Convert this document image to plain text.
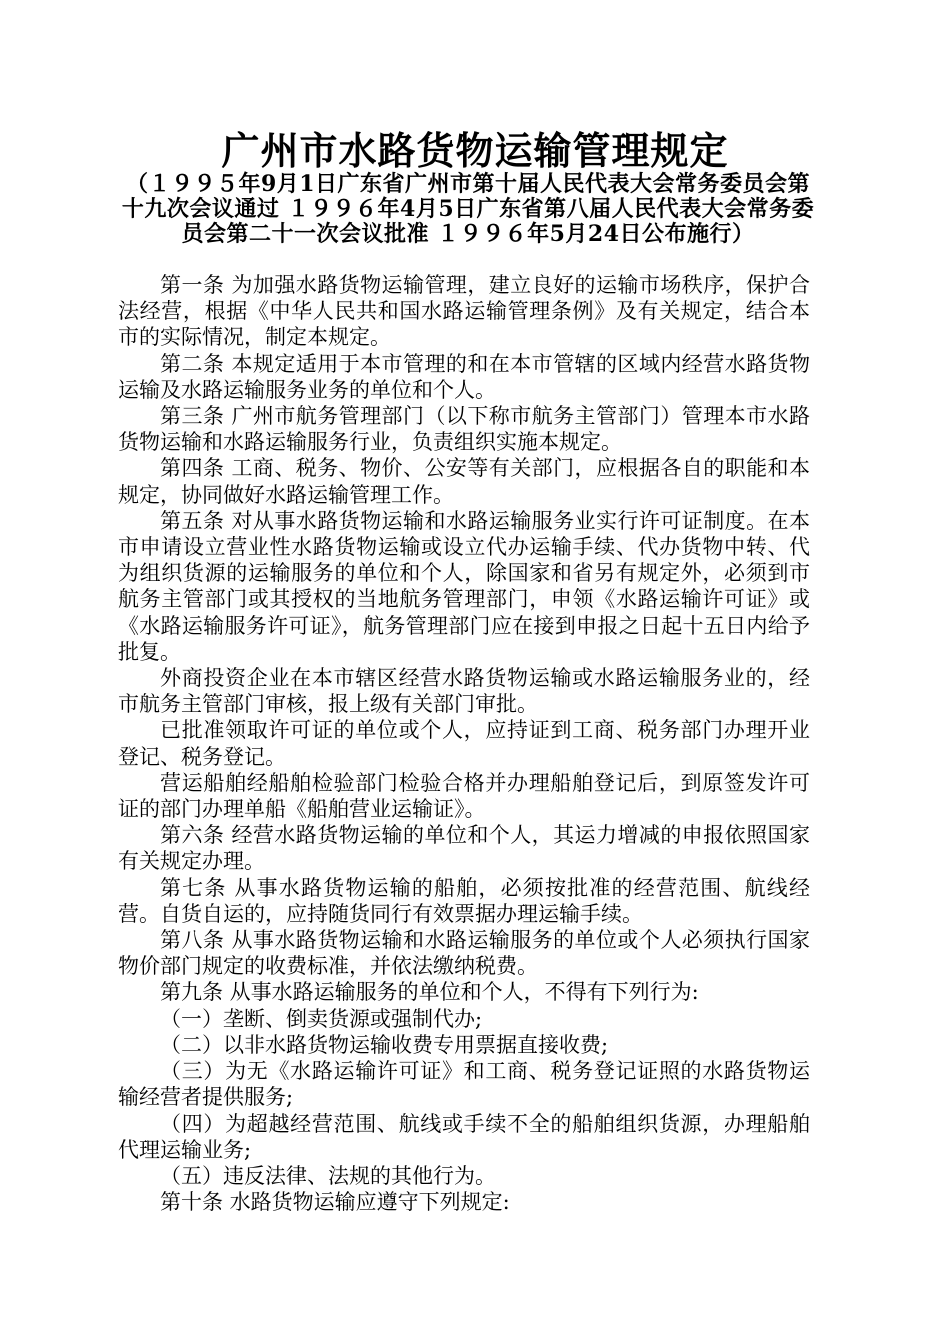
广州市水路货物运输管理规定
（１９９５年9月1日广东省广州市第十届人民代表大会常务委员会第十九次会议通过 １９９６年4月5日广东省第八届人民代表大会常务委员会第二十一次会议批准 １９９６年5月24日公布施行）

第一条 为加强水路货物运输管理，建立良好的运输市场秩序，保护合法经营，根据《中华人民共和国水路运输管理条例》及有关规定，结合本市的实际情况，制定本规定。

第二条 本规定适用于本市管理的和在本市管辖的区域内经营水路货物运输及水路运输服务业务的单位和个人。

第三条 广州市航务管理部门（以下称市航务主管部门）管理本市水路货物运输和水路运输服务行业，负责组织实施本规定。

第四条 工商、税务、物价、公安等有关部门，应根据各自的职能和本规定，协同做好水路运输管理工作。

第五条 对从事水路货物运输和水路运输服务业实行许可证制度。在本市申请设立营业性水路货物运输或设立代办运输手续、代办货物中转、代为组织货源的运输服务的单位和个人，除国家和省另有规定外，必须到市航务主管部门或其授权的当地航务管理部门，申领《水路运输许可证》或《水路运输服务许可证》，航务管理部门应在接到申报之日起十五日内给予批复。

外商投资企业在本市辖区经营水路货物运输或水路运输服务业的，经市航务主管部门审核，报上级有关部门审批。

已批准领取许可证的单位或个人，应持证到工商、税务部门办理开业登记、税务登记。

营运船舶经船舶检验部门检验合格并办理船舶登记后，到原签发许可证的部门办理单船《船舶营业运输证》。

第六条 经营水路货物运输的单位和个人，其运力增减的申报依照国家有关规定办理。

第七条 从事水路货物运输的船舶，必须按批准的经营范围、航线经营。自货自运的，应持随货同行有效票据办理运输手续。

第八条 从事水路货物运输和水路运输服务的单位或个人必须执行国家物价部门规定的收费标准，并依法缴纳税费。

第九条 从事水路运输服务的单位和个人，不得有下列行为:

（一）垄断、倒卖货源或强制代办;

（二）以非水路货物运输收费专用票据直接收费;

（三）为无《水路运输许可证》和工商、税务登记证照的水路货物运输经营者提供服务;

（四）为超越经营范围、航线或手续不全的船舶组织货源，办理船舶代理运输业务;

（五）违反法律、法规的其他行为。

第十条 水路货物运输应遵守下列规定:
